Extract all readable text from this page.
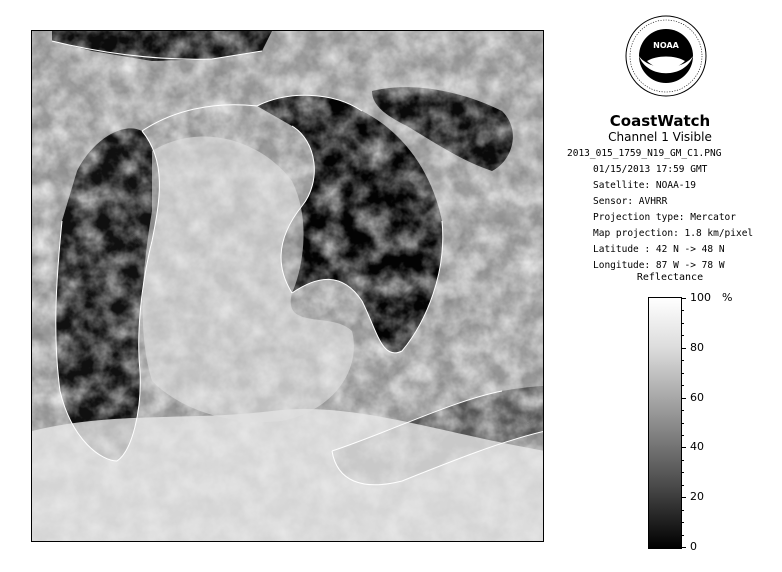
NOAA
CoastWatch
Channel 1 Visible
2013_015_1759_N19_GM_C1.PNG
01/15/2013 17:59 GMT
Satellite: NOAA-19
Sensor: AVHRR
Projection type: Mercator
Map projection: 1.8 km/pixel
Latitude : 42 N -> 48 N
Longitude: 87 W -> 78 W
Reflectance
%
100
80
60
40
20
0
